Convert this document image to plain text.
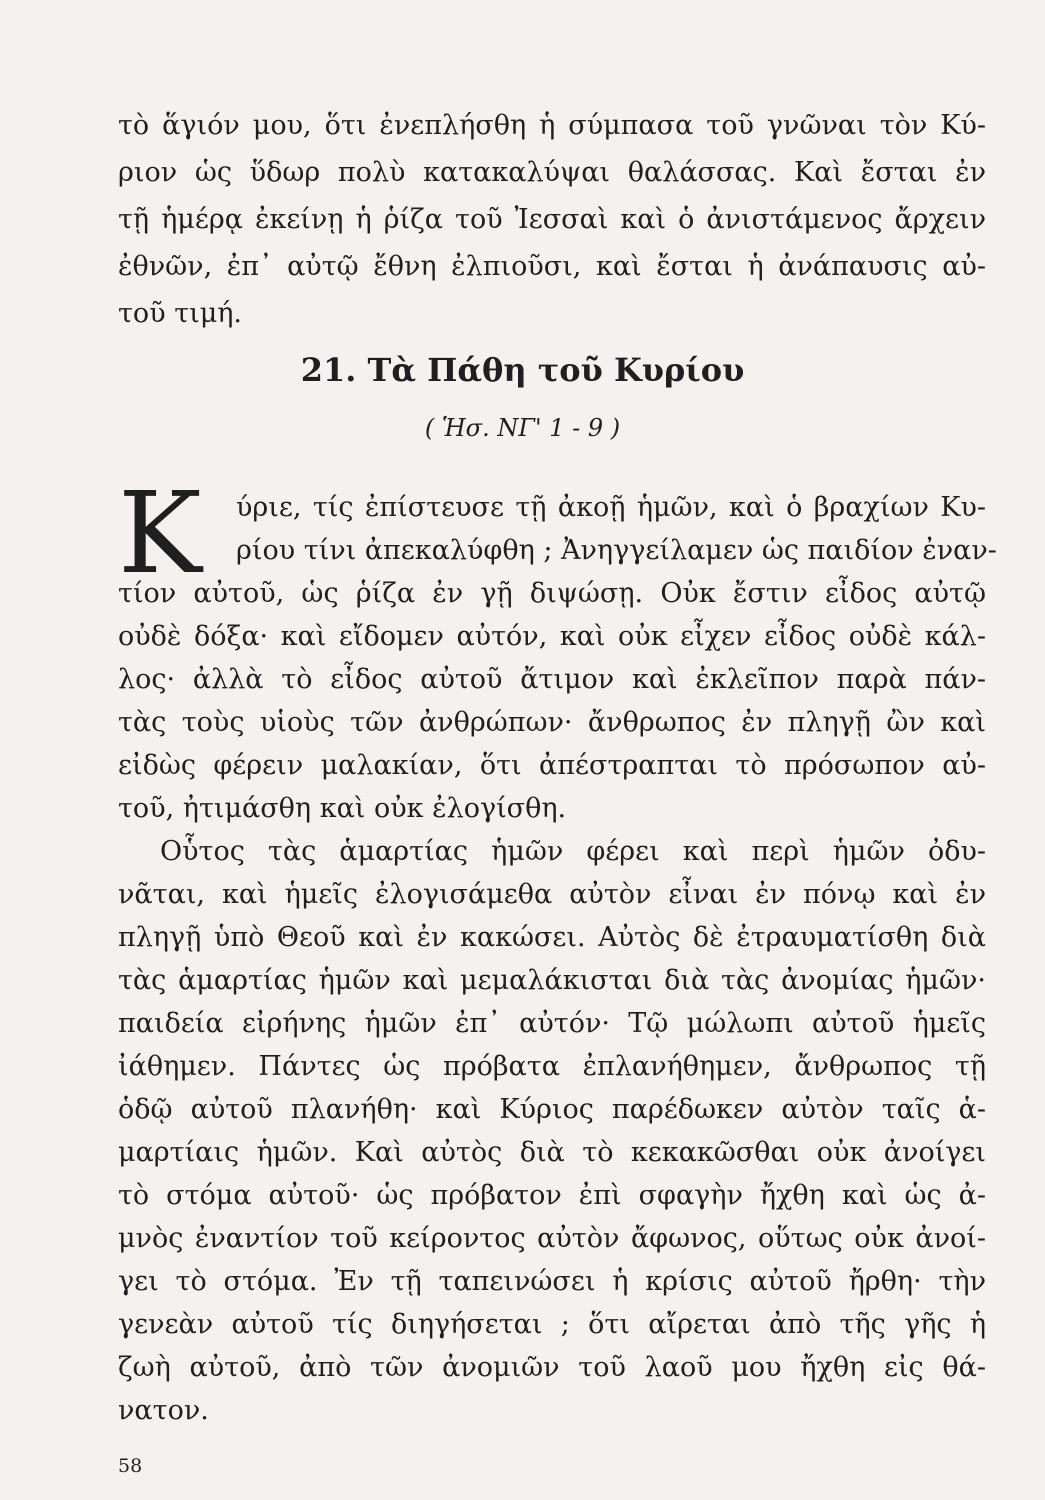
τὸ ἅγιόν μου, ὅτι ἐνεπλήσθη ἡ σύμπασα τοῦ γνῶναι τὸν Κύ-
ριον ὡς ὕδωρ πολὺ κατακαλύψαι θαλάσσας. Καὶ ἔσται ἐν
τῇ ἡμέρᾳ ἐκείνῃ ἡ ῥίζα τοῦ Ἰεσσαὶ καὶ ὁ ἀνιστάμενος ἄρχειν
ἐθνῶν, ἐπ᾽ αὐτῷ ἔθνη ἐλπιοῦσι, καὶ ἔσται ἡ ἀνάπαυσις αὐ-
τοῦ τιμή.
21. Τὰ Πάθη τοῦ Κυρίου
( Ἡσ. ΝΓ' 1 - 9 )
Κ ύριε, τίς ἐπίστευσε τῇ ἀκοῇ ἡμῶν, καὶ ὁ βραχίων Κυ-
ρίου τίνι ἀπεκαλύφθη ; Ἀνηγγείλαμεν ὡς παιδίον ἐναν-
τίον αὐτοῦ, ὡς ῥίζα ἐν γῇ διψώσῃ. Οὐκ ἔστιν εἶδος αὐτῷ
οὐδὲ δόξα· καὶ εἴδομεν αὐτόν, καὶ οὐκ εἶχεν εἶδος οὐδὲ κάλ-
λος· ἀλλὰ τὸ εἶδος αὐτοῦ ἄτιμον καὶ ἐκλεῖπον παρὰ πάν-
τὰς τοὺς υἱοὺς τῶν ἀνθρώπων· ἄνθρωπος ἐν πληγῇ ὢν καὶ
εἰδὼς φέρειν μαλακίαν, ὅτι ἀπέστραπται τὸ πρόσωπον αὐ-
τοῦ, ἠτιμάσθη καὶ οὐκ ἐλογίσθη.
Οὗτος τὰς ἁμαρτίας ἡμῶν φέρει καὶ περὶ ἡμῶν ὀδυ-
νᾶται, καὶ ἡμεῖς ἐλογισάμεθα αὐτὸν εἶναι ἐν πόνῳ καὶ ἐν
πληγῇ ὑπὸ Θεοῦ καὶ ἐν κακώσει. Αὐτὸς δὲ ἐτραυματίσθη διὰ
τὰς ἁμαρτίας ἡμῶν καὶ μεμαλάκισται διὰ τὰς ἀνομίας ἡμῶν·
παιδεία εἰρήνης ἡμῶν ἐπ᾽ αὐτόν· Τῷ μώλωπι αὐτοῦ ἡμεῖς
ἰάθημεν. Πάντες ὡς πρόβατα ἐπλανήθημεν, ἄνθρωπος τῇ
ὁδῷ αὐτοῦ πλανήθη· καὶ Κύριος παρέδωκεν αὐτὸν ταῖς ἁ-
μαρτίαις ἡμῶν. Καὶ αὐτὸς διὰ τὸ κεκακῶσθαι οὐκ ἀνοίγει
τὸ στόμα αὐτοῦ· ὡς πρόβατον ἐπὶ σφαγὴν ἤχθη καὶ ὡς ἀ-
μνὸς ἐναντίον τοῦ κείροντος αὐτὸν ἄφωνος, οὕτως οὐκ ἀνοί-
γει τὸ στόμα. Ἐν τῇ ταπεινώσει ἡ κρίσις αὐτοῦ ἤρθη· τὴν
γενεὰν αὐτοῦ τίς διηγήσεται ; ὅτι αἴρεται ἀπὸ τῆς γῆς ἡ
58
ζωὴ αὐτοῦ, ἀπὸ τῶν ἀνομιῶν τοῦ λαοῦ μου ἤχθη εἰς θά-
νατον.
